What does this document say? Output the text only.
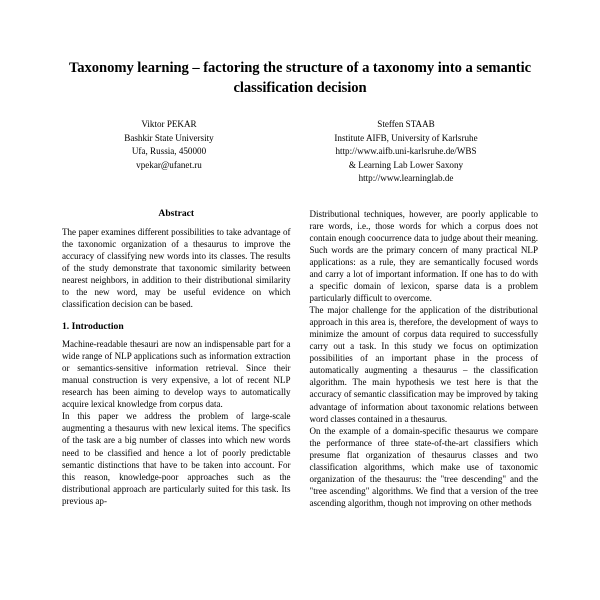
Taxonomy learning – factoring the structure of a taxonomy into a semantic classification decision
Viktor PEKAR
Bashkir State University
Ufa, Russia, 450000
vpekar@ufanet.ru
Steffen STAAB
Institute AIFB, University of Karlsruhe
http://www.aifb.uni-karlsruhe.de/WBS
& Learning Lab Lower Saxony
http://www.learninglab.de
Abstract

The paper examines different possibilities to take advantage of the taxonomic organization of a thesaurus to improve the accuracy of classifying new words into its classes. The results of the study demonstrate that taxonomic similarity between nearest neighbors, in addition to their distributional similarity to the new word, may be useful evidence on which classification decision can be based.

1. Introduction

Machine-readable thesauri are now an indispensable part for a wide range of NLP applications such as information extraction or semantics-sensitive information retrieval. Since their manual construction is very expensive, a lot of recent NLP research has been aiming to develop ways to automatically acquire lexical knowledge from corpus data.

In this paper we address the problem of large-scale augmenting a thesaurus with new lexical items. The specifics of the task are a big number of classes into which new words need to be classified and hence a lot of poorly predictable semantic distinctions that have to be taken into account. For this reason, knowledge-poor approaches such as the distributional approach are particularly suited for this task. Its previous ap-

Distributional techniques, however, are poorly applicable to rare words, i.e., those words for which a corpus does not contain enough coocurrence data to judge about their meaning. Such words are the primary concern of many practical NLP applications: as a rule, they are semantically focused words and carry a lot of important information. If one has to do with a specific domain of lexicon, sparse data is a problem particularly difficult to overcome.

The major challenge for the application of the distributional approach in this area is, therefore, the development of ways to minimize the amount of corpus data required to successfully carry out a task. In this study we focus on optimization possibilities of an important phase in the process of automatically augmenting a thesaurus – the classification algorithm. The main hypothesis we test here is that the accuracy of semantic classification may be improved by taking advantage of information about taxonomic relations between word classes contained in a thesaurus.

On the example of a domain-specific thesaurus we compare the performance of three state-of-the-art classifiers which presume flat organization of thesaurus classes and two classification algorithms, which make use of taxonomic organization of the thesaurus: the "tree descending" and the "tree ascending" algorithms. We find that a version of the tree ascending algorithm, though not improving on other methods
